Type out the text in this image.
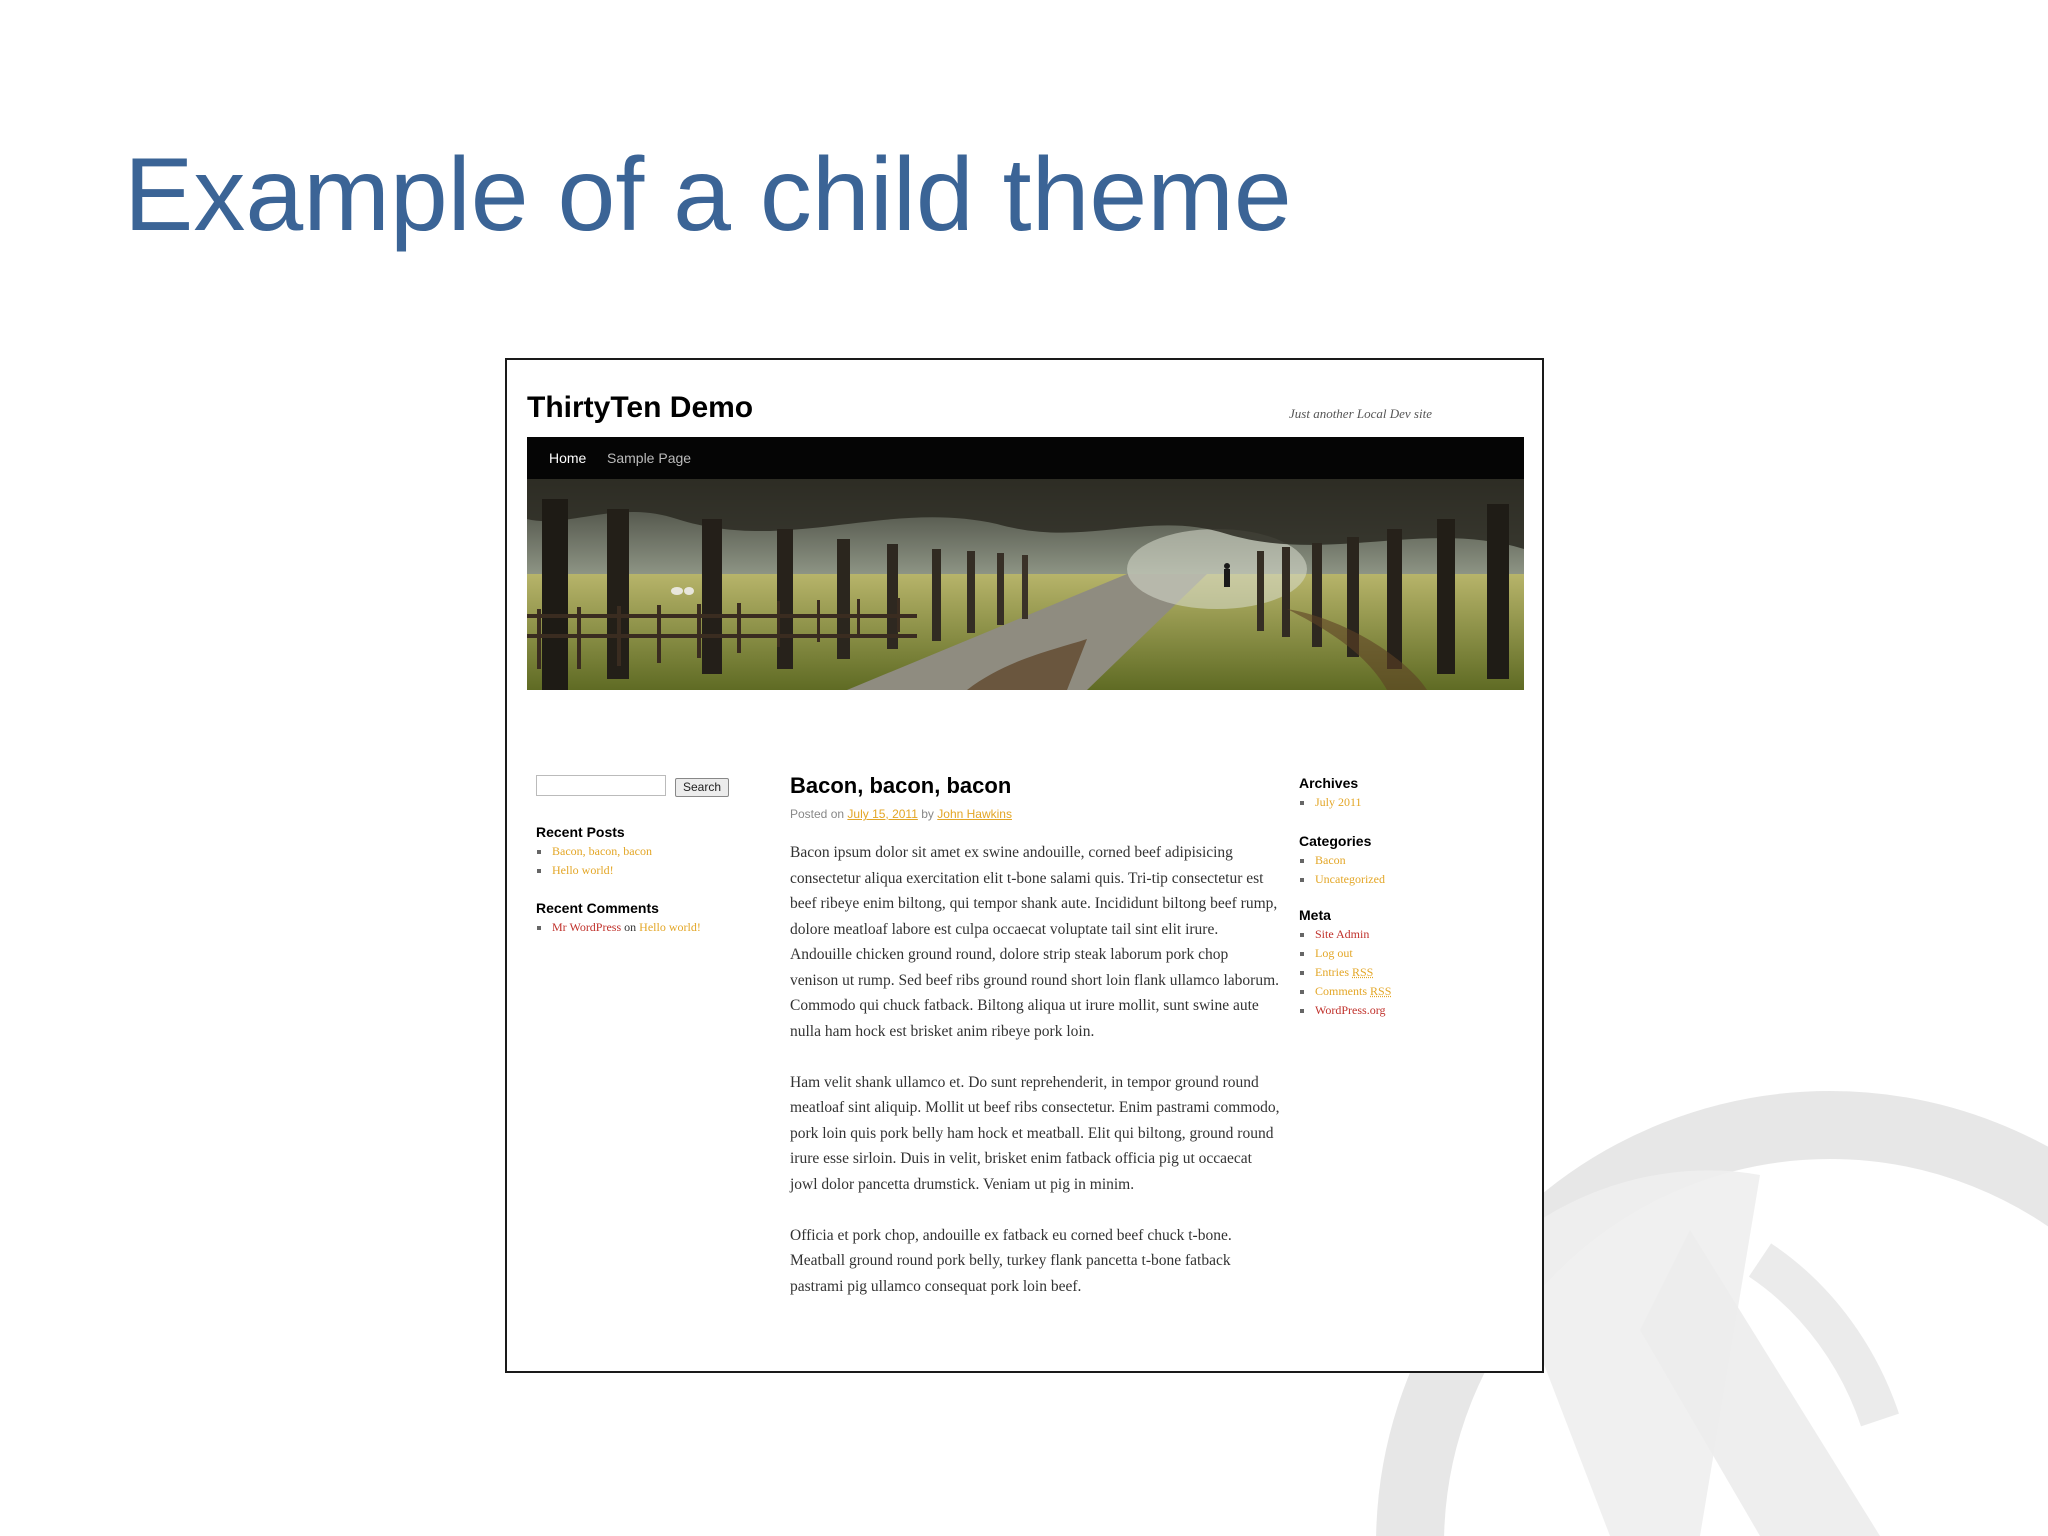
Example of a child theme
ThirtyTen Demo	Just another Local Dev site
Home Sample Page
Search
Recent Posts
Bacon, bacon, bacon
Hello world!
Recent Comments
Mr WordPress on Hello world!
Bacon, bacon, bacon
Posted on July 15, 2011 by John Hawkins

Bacon ipsum dolor sit amet ex swine andouille, corned beef adipisicing consectetur aliqua exercitation elit t-bone salami quis. Tri-tip consectetur est beef ribeye enim biltong, qui tempor shank aute. Incididunt biltong beef rump, dolore meatloaf labore est culpa occaecat voluptate tail sint elit irure. Andouille chicken ground round, dolore strip steak laborum pork chop venison ut rump. Sed beef ribs ground round short loin flank ullamco laborum. Commodo qui chuck fatback. Biltong aliqua ut irure mollit, sunt swine aute nulla ham hock est brisket anim ribeye pork loin.

Ham velit shank ullamco et. Do sunt reprehenderit, in tempor ground round meatloaf sint aliquip. Mollit ut beef ribs consectetur. Enim pastrami commodo, pork loin quis pork belly ham hock et meatball. Elit qui biltong, ground round irure esse sirloin. Duis in velit, brisket enim fatback officia pig ut occaecat jowl dolor pancetta drumstick. Veniam ut pig in minim.

Officia et pork chop, andouille ex fatback eu corned beef chuck t-bone. Meatball ground round pork belly, turkey flank pancetta t-bone fatback pastrami pig ullamco consequat pork loin beef.

Archives
July 2011
Categories
Bacon
Uncategorized
Meta
Site Admin
Log out
Entries RSS
Comments RSS
WordPress.org
